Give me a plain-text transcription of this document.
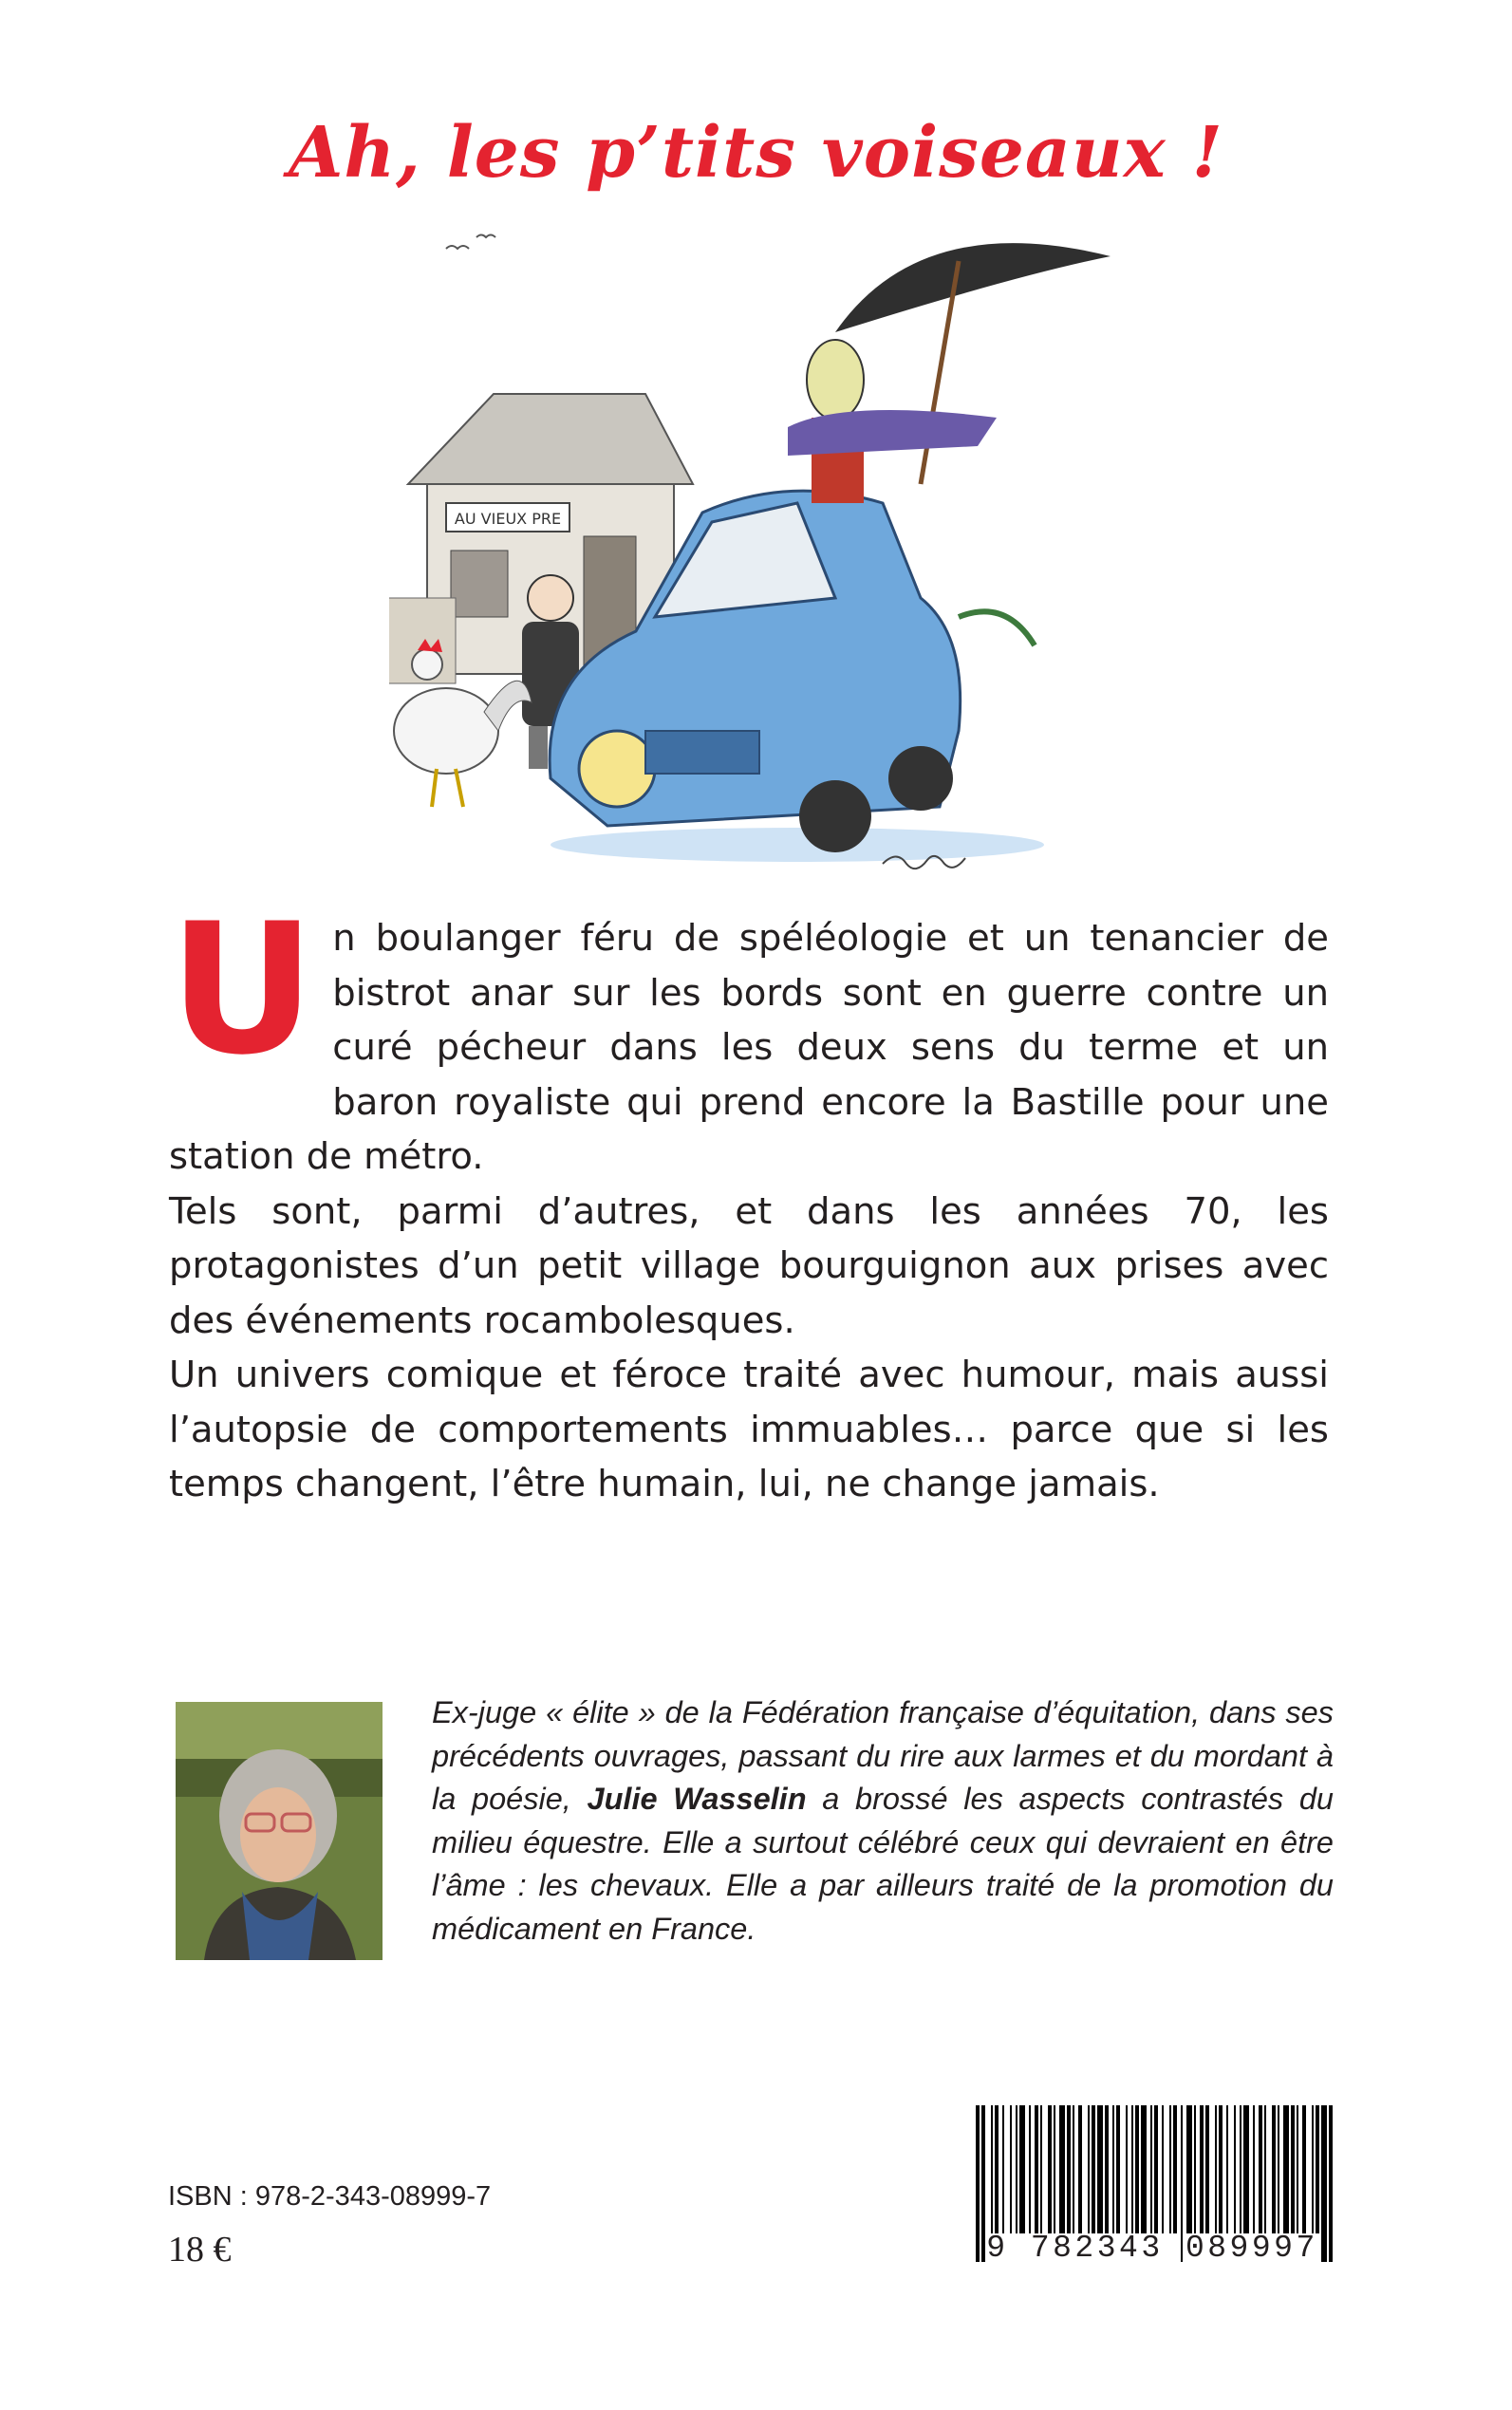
Ah, les p’tits voiseaux !
AU VIEUX PRE

Un boulanger féru de spéléologie et un tenancier de bistrot anar sur les bords sont en guerre contre un curé pécheur dans les deux sens du terme et un baron royaliste qui prend encore la Bastille pour une station de métro.

Tels sont, parmi d’autres, et dans les années 70, les protagonistes d’un petit village bourguignon aux prises avec des événements rocambolesques.

Un univers comique et féroce traité avec humour, mais aussi l’autopsie de comportements immuables… parce que si les temps changent, l’être humain, lui, ne change jamais.

Ex-juge « élite » de la Fédération française d’équitation, dans ses précédents ouvrages, passant du rire aux larmes et du mordant à la poésie, Julie Wasselin a brossé les aspects contrastés du milieu équestre. Elle a surtout célébré ceux qui devraient en être l’âme : les chevaux. Elle a par ailleurs traité de la promotion du médicament en France.
ISBN : 978-2-343-08999-7
18 €	9 782343 089997
